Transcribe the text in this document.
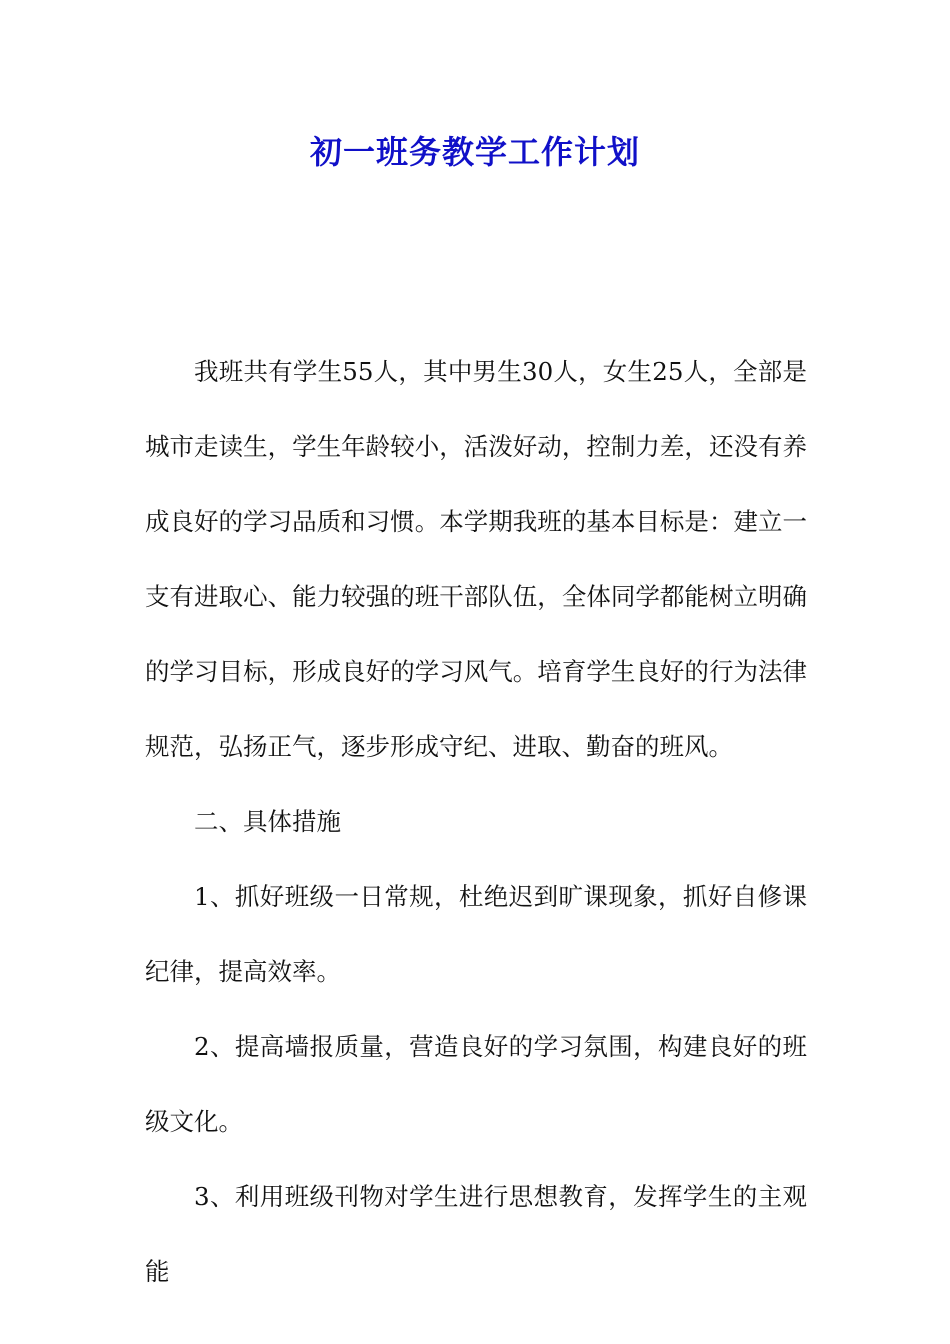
初一班务教学工作计划

我班共有学生55人，其中男生30人，女生25人，全部是城市走读生，学生年龄较小，活泼好动，控制力差，还没有养成良好的学习品质和习惯。本学期我班的基本目标是：建立一支有进取心、能力较强的班干部队伍，全体同学都能树立明确的学习目标，形成良好的学习风气。培育学生良好的行为法律规范，弘扬正气，逐步形成守纪、进取、勤奋的班风。

二、具体措施

1、抓好班级一日常规，杜绝迟到旷课现象，抓好自修课纪律，提高效率。

2、提高墙报质量，营造良好的学习氛围，构建良好的班级文化。

3、利用班级刊物对学生进行思想教育，发挥学生的主观能
